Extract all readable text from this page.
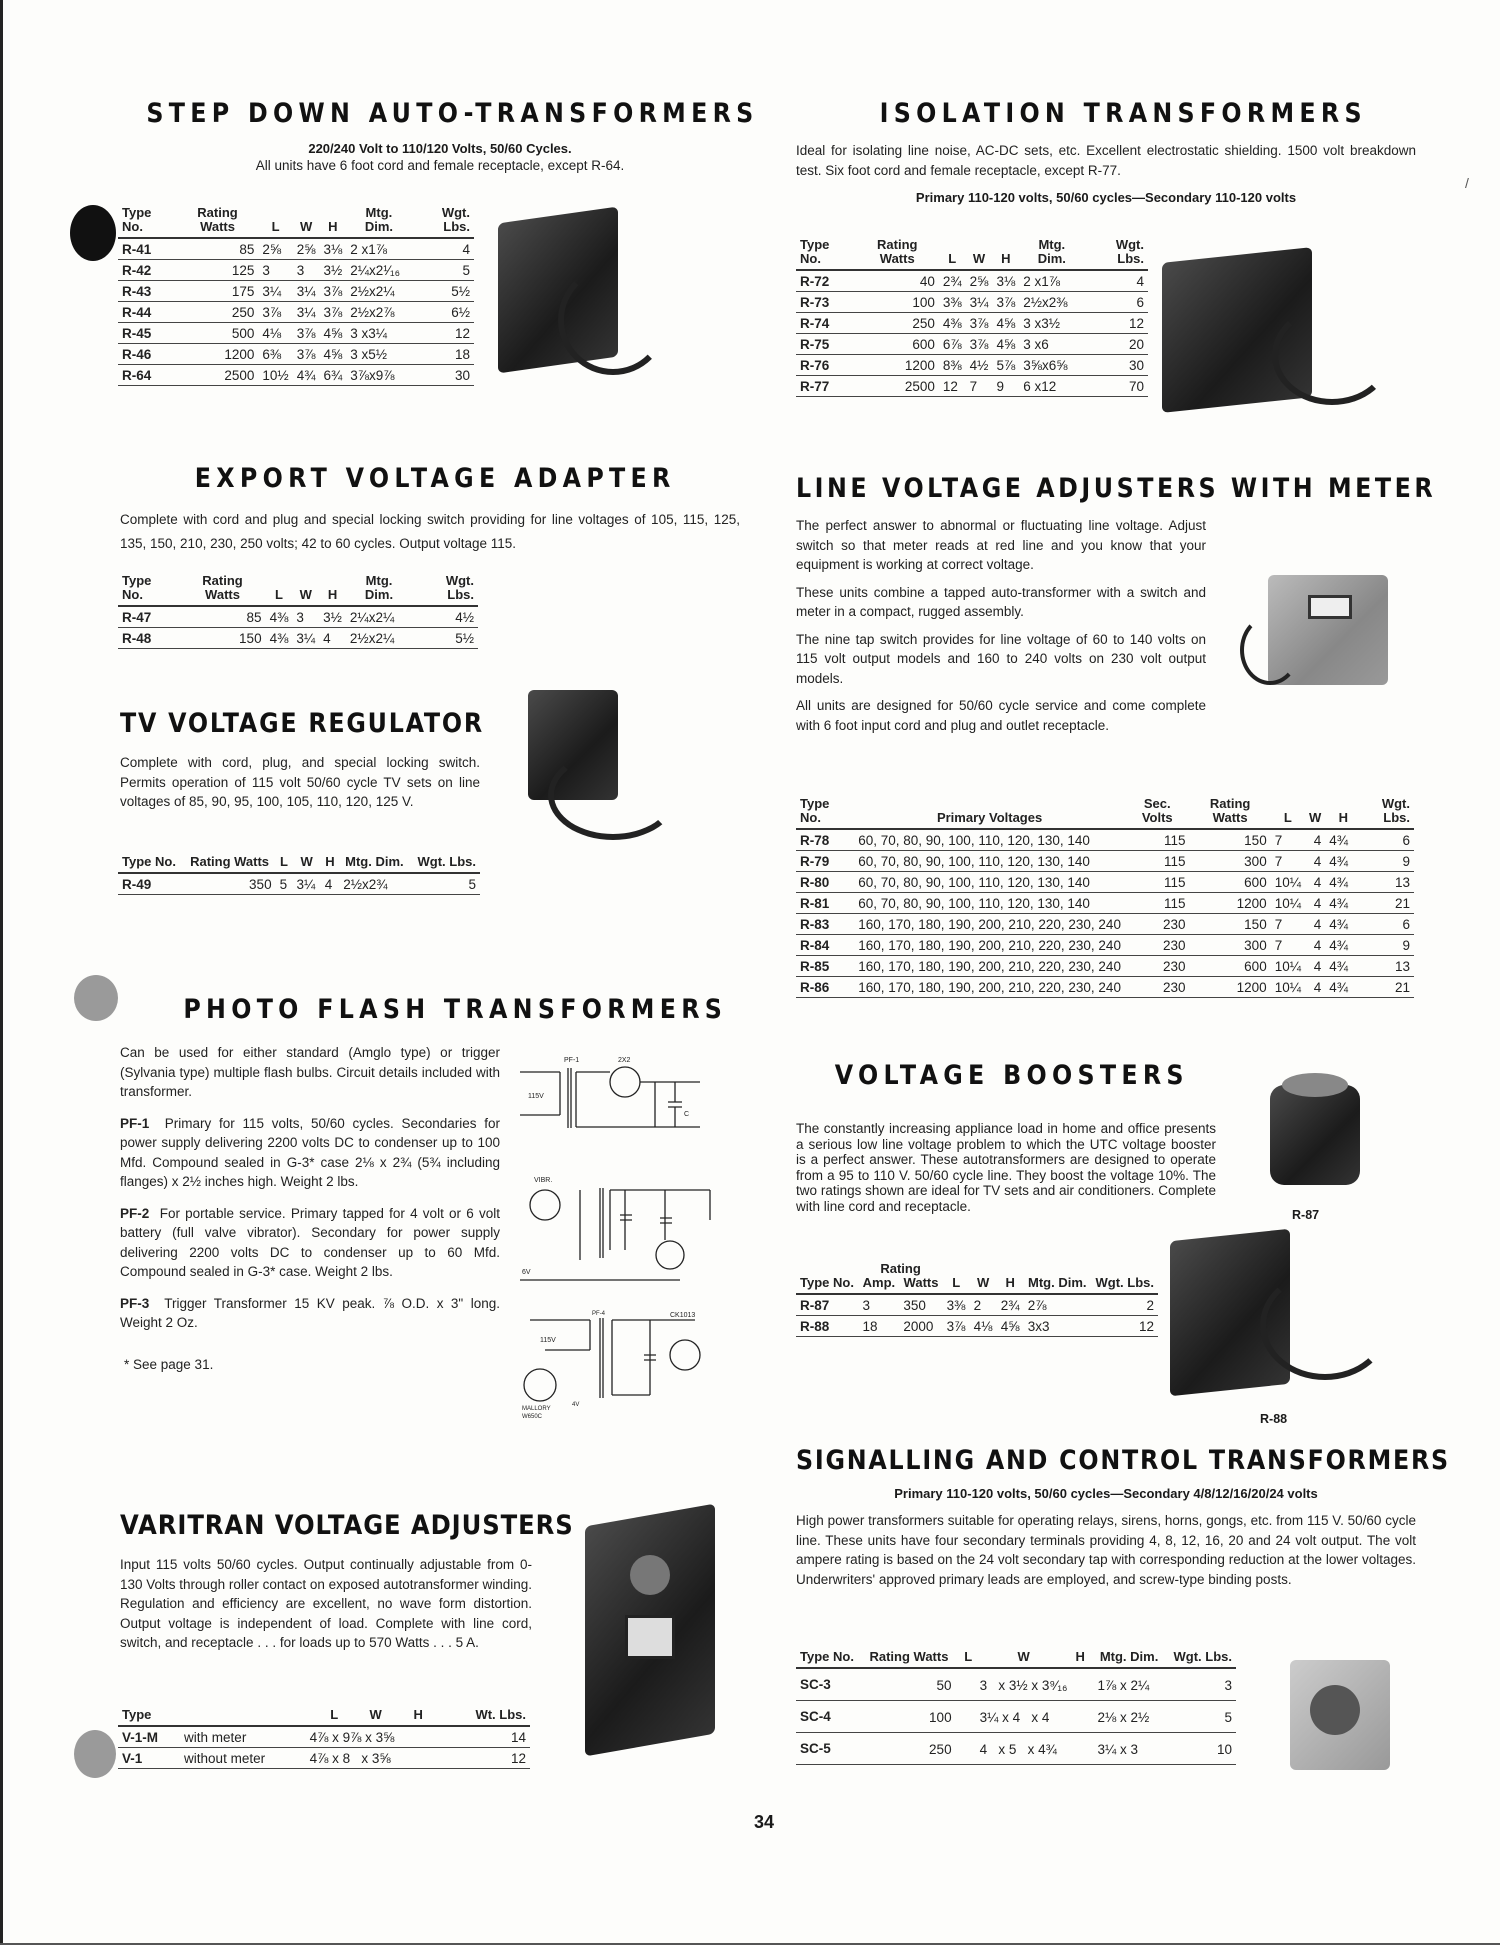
/
STEP DOWN AUTO-TRANSFORMERS
220/240 Volt to 110/120 Volts, 50/60 Cycles.
All units have 6 foot cord and female receptacle, except R-64.
Type No.	Rating Watts	L	W	H	Mtg. Dim.	Wgt. Lbs.
R-41	85	2⅝	2⅝	3⅛	2 x1⅞	4
R-42	125	3	3	3½	2¼x2¹⁄₁₆	5
R-43	175	3¼	3¼	3⅞	2½x2¼	5½
R-44	250	3⅞	3¼	3⅞	2½x2⅞	6½
R-45	500	4⅛	3⅞	4⅝	3 x3¼	12
R-46	1200	6⅜	3⅞	4⅝	3 x5½	18
R-64	2500	10½	4¾	6¾	3⅞x9⅞	30
ISOLATION TRANSFORMERS
Ideal for isolating line noise, AC-DC sets, etc. Excellent electrostatic shielding. 1500 volt breakdown test. Six foot cord and female receptacle, except R-77.
Primary 110-120 volts, 50/60 cycles—Secondary 110-120 volts
Type No.	Rating Watts	L	W	H	Mtg. Dim.	Wgt. Lbs.
R-72	40	2¾	2⅝	3⅛	2 x1⅞	4
R-73	100	3⅜	3¼	3⅞	2½x2⅜	6
R-74	250	4⅜	3⅞	4⅝	3 x3½	12
R-75	600	6⅞	3⅞	4⅝	3 x6	20
R-76	1200	8⅜	4½	5⅞	3⅝x6⅝	30
R-77	2500	12	7	9	6 x12	70
EXPORT VOLTAGE ADAPTER
Complete with cord and plug and special locking switch providing for line voltages of 105, 115, 125, 135, 150, 210, 230, 250 volts; 42 to 60 cycles. Output voltage 115.
Type No.	Rating Watts	L	W	H	Mtg. Dim.	Wgt. Lbs.
R-47	85	4⅜	3	3½	2¼x2¼	4½
R-48	150	4⅜	3¼	4	2½x2¼	5½
TV VOLTAGE REGULATOR
Complete with cord, plug, and special locking switch. Permits operation of 115 volt 50/60 cycle TV sets on line voltages of 85, 90, 95, 100, 105, 110, 120, 125 V.
Type No.	Rating Watts	L	W	H	Mtg. Dim.	Wgt. Lbs.
R-49	350	5	3¼	4	2½x2¾	5
LINE VOLTAGE ADJUSTERS WITH METER
The perfect answer to abnormal or fluctuating line voltage. Adjust switch so that meter reads at red line and you know that your equipment is working at correct voltage.
These units combine a tapped auto-transformer with a switch and meter in a compact, rugged assembly.
The nine tap switch provides for line voltage of 60 to 140 volts on 115 volt output models and 160 to 240 volts on 230 volt output models.
All units are designed for 50/60 cycle service and come complete with 6 foot input cord and plug and outlet receptacle.
Type No.	Primary Voltages	Sec. Volts	Rating Watts	L	W	H	Wgt. Lbs.
R-78	60, 70, 80, 90, 100, 110, 120, 130, 140	115	150	7	4	4¾	6
R-79	60, 70, 80, 90, 100, 110, 120, 130, 140	115	300	7	4	4¾	9
R-80	60, 70, 80, 90, 100, 110, 120, 130, 140	115	600	10¼	4	4¾	13
R-81	60, 70, 80, 90, 100, 110, 120, 130, 140	115	1200	10¼	4	4¾	21
R-83	160, 170, 180, 190, 200, 210, 220, 230, 240	230	150	7	4	4¾	6
R-84	160, 170, 180, 190, 200, 210, 220, 230, 240	230	300	7	4	4¾	9
R-85	160, 170, 180, 190, 200, 210, 220, 230, 240	230	600	10¼	4	4¾	13
R-86	160, 170, 180, 190, 200, 210, 220, 230, 240	230	1200	10¼	4	4¾	21
PHOTO FLASH TRANSFORMERS
Can be used for either standard (Amglo type) or trigger (Sylvania type) multiple flash bulbs. Circuit details included with transformer.
PF-1 Primary for 115 volts, 50/60 cycles. Secondaries for power supply delivering 2200 volts DC to condenser up to 100 Mfd. Compound sealed in G-3* case 2⅛ x 2¾ (5¾ including flanges) x 2½ inches high. Weight 2 lbs.
PF-2 For portable service. Primary tapped for 4 volt or 6 volt battery (full valve vibrator). Secondary for power supply delivering 2200 volts DC to condenser up to 60 Mfd. Compound sealed in G-3* case. Weight 2 lbs.
PF-3 Trigger Transformer 15 KV peak. ⅞ O.D. x 3" long. Weight 2 Oz.
* See page 31.
115V
PF-1	2X2
C
VIBR.
6V
115V
PF-4	CK1013
4V
MALLORY
W650C
VOLTAGE BOOSTERS
The constantly increasing appliance load in home and office presents a serious low line voltage problem to which the UTC voltage booster is a perfect answer. These autotransformers are designed to operate from a 95 to 110 V. 50/60 cycle line. They boost the voltage 10%. The two ratings shown are ideal for TV sets and air conditioners. Complete with line cord and receptacle.
R-87
	Rating						
Type No.	Amp.	Watts	L	W	H	Mtg. Dim.	Wgt. Lbs.
R-87	3	350	3⅜	2	2¾	2⅞	2
R-88	18	2000	3⅞	4⅛	4⅝	3x3	12
R-88
SIGNALLING AND CONTROL TRANSFORMERS
Primary 110-120 volts, 50/60 cycles—Secondary 4/8/12/16/20/24 volts
High power transformers suitable for operating relays, sirens, horns, gongs, etc. from 115 V. 50/60 cycle line. These units have four secondary terminals providing 4, 8, 12, 16, 20 and 24 volt output. The volt ampere rating is based on the 24 volt secondary tap with corresponding reduction at the lower voltages. Underwriters' approved primary leads are employed, and screw-type binding posts.
Type No.	Rating Watts	L W H	Mtg. Dim.	Wgt. Lbs.
SC-3	50	3   x 3½ x 3⁹⁄₁₆	1⅞ x 2¼	3
SC-4	100	3¼ x 4   x 4	2⅛ x 2½	5
SC-5	250	4   x 5   x 4¾	3¼ x 3	10
VARITRAN VOLTAGE ADJUSTERS
Input 115 volts 50/60 cycles. Output continually adjustable from 0-130 Volts through roller contact on exposed autotransformer winding. Regulation and efficiency are excellent, no wave form distortion. Output voltage is independent of load. Complete with line cord, switch, and receptacle . . . for loads up to 570 Watts . . . 5 A.
Type		L W H	Wt. Lbs.
V-1-M	with meter	4⅞ x 9⅞ x 3⅝	14
V-1	without meter	4⅞ x 8   x 3⅝	12
34
